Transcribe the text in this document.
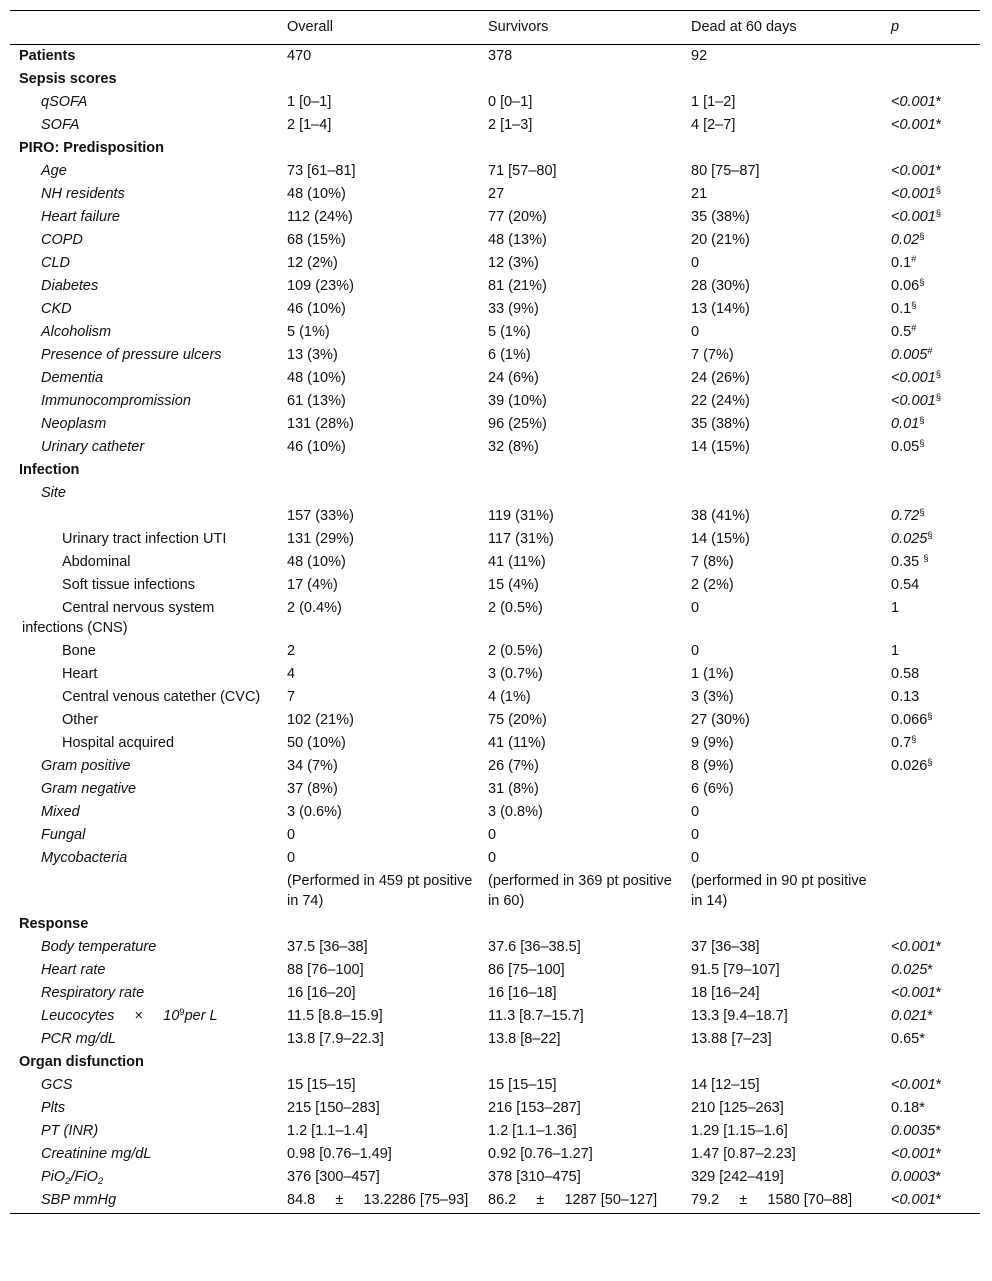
	Overall	Survivors	Dead at 60 days	p
Patients	470	378	92	
Sepsis scores				
qSOFA	1 [0–1]	0 [0–1]	1 [1–2]	<0.001*
SOFA	2 [1–4]	2 [1–3]	4 [2–7]	<0.001*
PIRO: Predisposition				
Age	73 [61–81]	71 [57–80]	80 [75–87]	<0.001*
NH residents	48 (10%)	27	21	<0.001§
Heart failure	112 (24%)	77 (20%)	35 (38%)	<0.001§
COPD	68 (15%)	48 (13%)	20 (21%)	0.02§
CLD	12 (2%)	12 (3%)	0	0.1#
Diabetes	109 (23%)	81 (21%)	28 (30%)	0.06§
CKD	46 (10%)	33 (9%)	13 (14%)	0.1§
Alcoholism	5 (1%)	5 (1%)	0	0.5#
Presence of pressure ulcers	13 (3%)	6 (1%)	7 (7%)	0.005#
Dementia	48 (10%)	24 (6%)	24 (26%)	<0.001§
Immunocompromission	61 (13%)	39 (10%)	22 (24%)	<0.001§
Neoplasm	131 (28%)	96 (25%)	35 (38%)	0.01§
Urinary catheter	46 (10%)	32 (8%)	14 (15%)	0.05§
Infection				
Site				
	157 (33%)	119 (31%)	38 (41%)	0.72§
Urinary tract infection UTI	131 (29%)	117 (31%)	14 (15%)	0.025§
Abdominal	48 (10%)	41 (11%)	7 (8%)	0.35 §
Soft tissue infections	17 (4%)	15 (4%)	2 (2%)	0.54
Central nervous system infections (CNS)	2 (0.4%)	2 (0.5%)	0	1
Bone	2	2 (0.5%)	0	1
Heart	4	3 (0.7%)	1 (1%)	0.58
Central venous catether (CVC)	7	4 (1%)	3 (3%)	0.13
Other	102 (21%)	75 (20%)	27 (30%)	0.066§
Hospital acquired	50 (10%)	41 (11%)	9 (9%)	0.7§
Gram positive	34 (7%)	26 (7%)	8 (9%)	0.026§
Gram negative	37 (8%)	31 (8%)	6 (6%)	
Mixed	3 (0.6%)	3 (0.8%)	0	
Fungal	0	0	0	
Mycobacteria	0	0	0	
	(Performed in 459 pt positive in 74)	(performed in 369 pt positive in 60)	(performed in 90 pt positive in 14)	
Response				
Body temperature	37.5 [36–38]	37.6 [36–38.5]	37 [36–38]	<0.001*
Heart rate	88 [76–100]	86 [75–100]	91.5 [79–107]	0.025*
Respiratory rate	16 [16–20]	16 [16–18]	18 [16–24]	<0.001*
Leucocytes     ×     $10^9per$ L	11.5 [8.8–15.9]	11.3 [8.7–15.7]	13.3 [9.4–18.7]	0.021*
PCR mg/dL	13.8 [7.9–22.3]	13.8 [8–22]	13.88 [7–23]	0.65*
Organ disfunction				
GCS	15 [15–15]	15 [15–15]	14 [12–15]	<0.001*
Plts	215 [150–283]	216 [153–287]	210 [125–263]	0.18*
PT (INR)	1.2 [1.1–1.4]	1.2 [1.1–1.36]	1.29 [1.15–1.6]	0.0035*
Creatinine mg/dL	0.98 [0.76–1.49]	0.92 [0.76–1.27]	1.47 [0.87–2.23]	<0.001*
PiO$_2$/FiO$_2$	376 [300–457]	378 [310–475]	329 [242–419]	0.0003*
SBP mmHg	84.8     ±     13.2286 [75–93]	86.2     ±     1287 [50–127]	79.2     ±     1580 [70–88]	<0.001*
